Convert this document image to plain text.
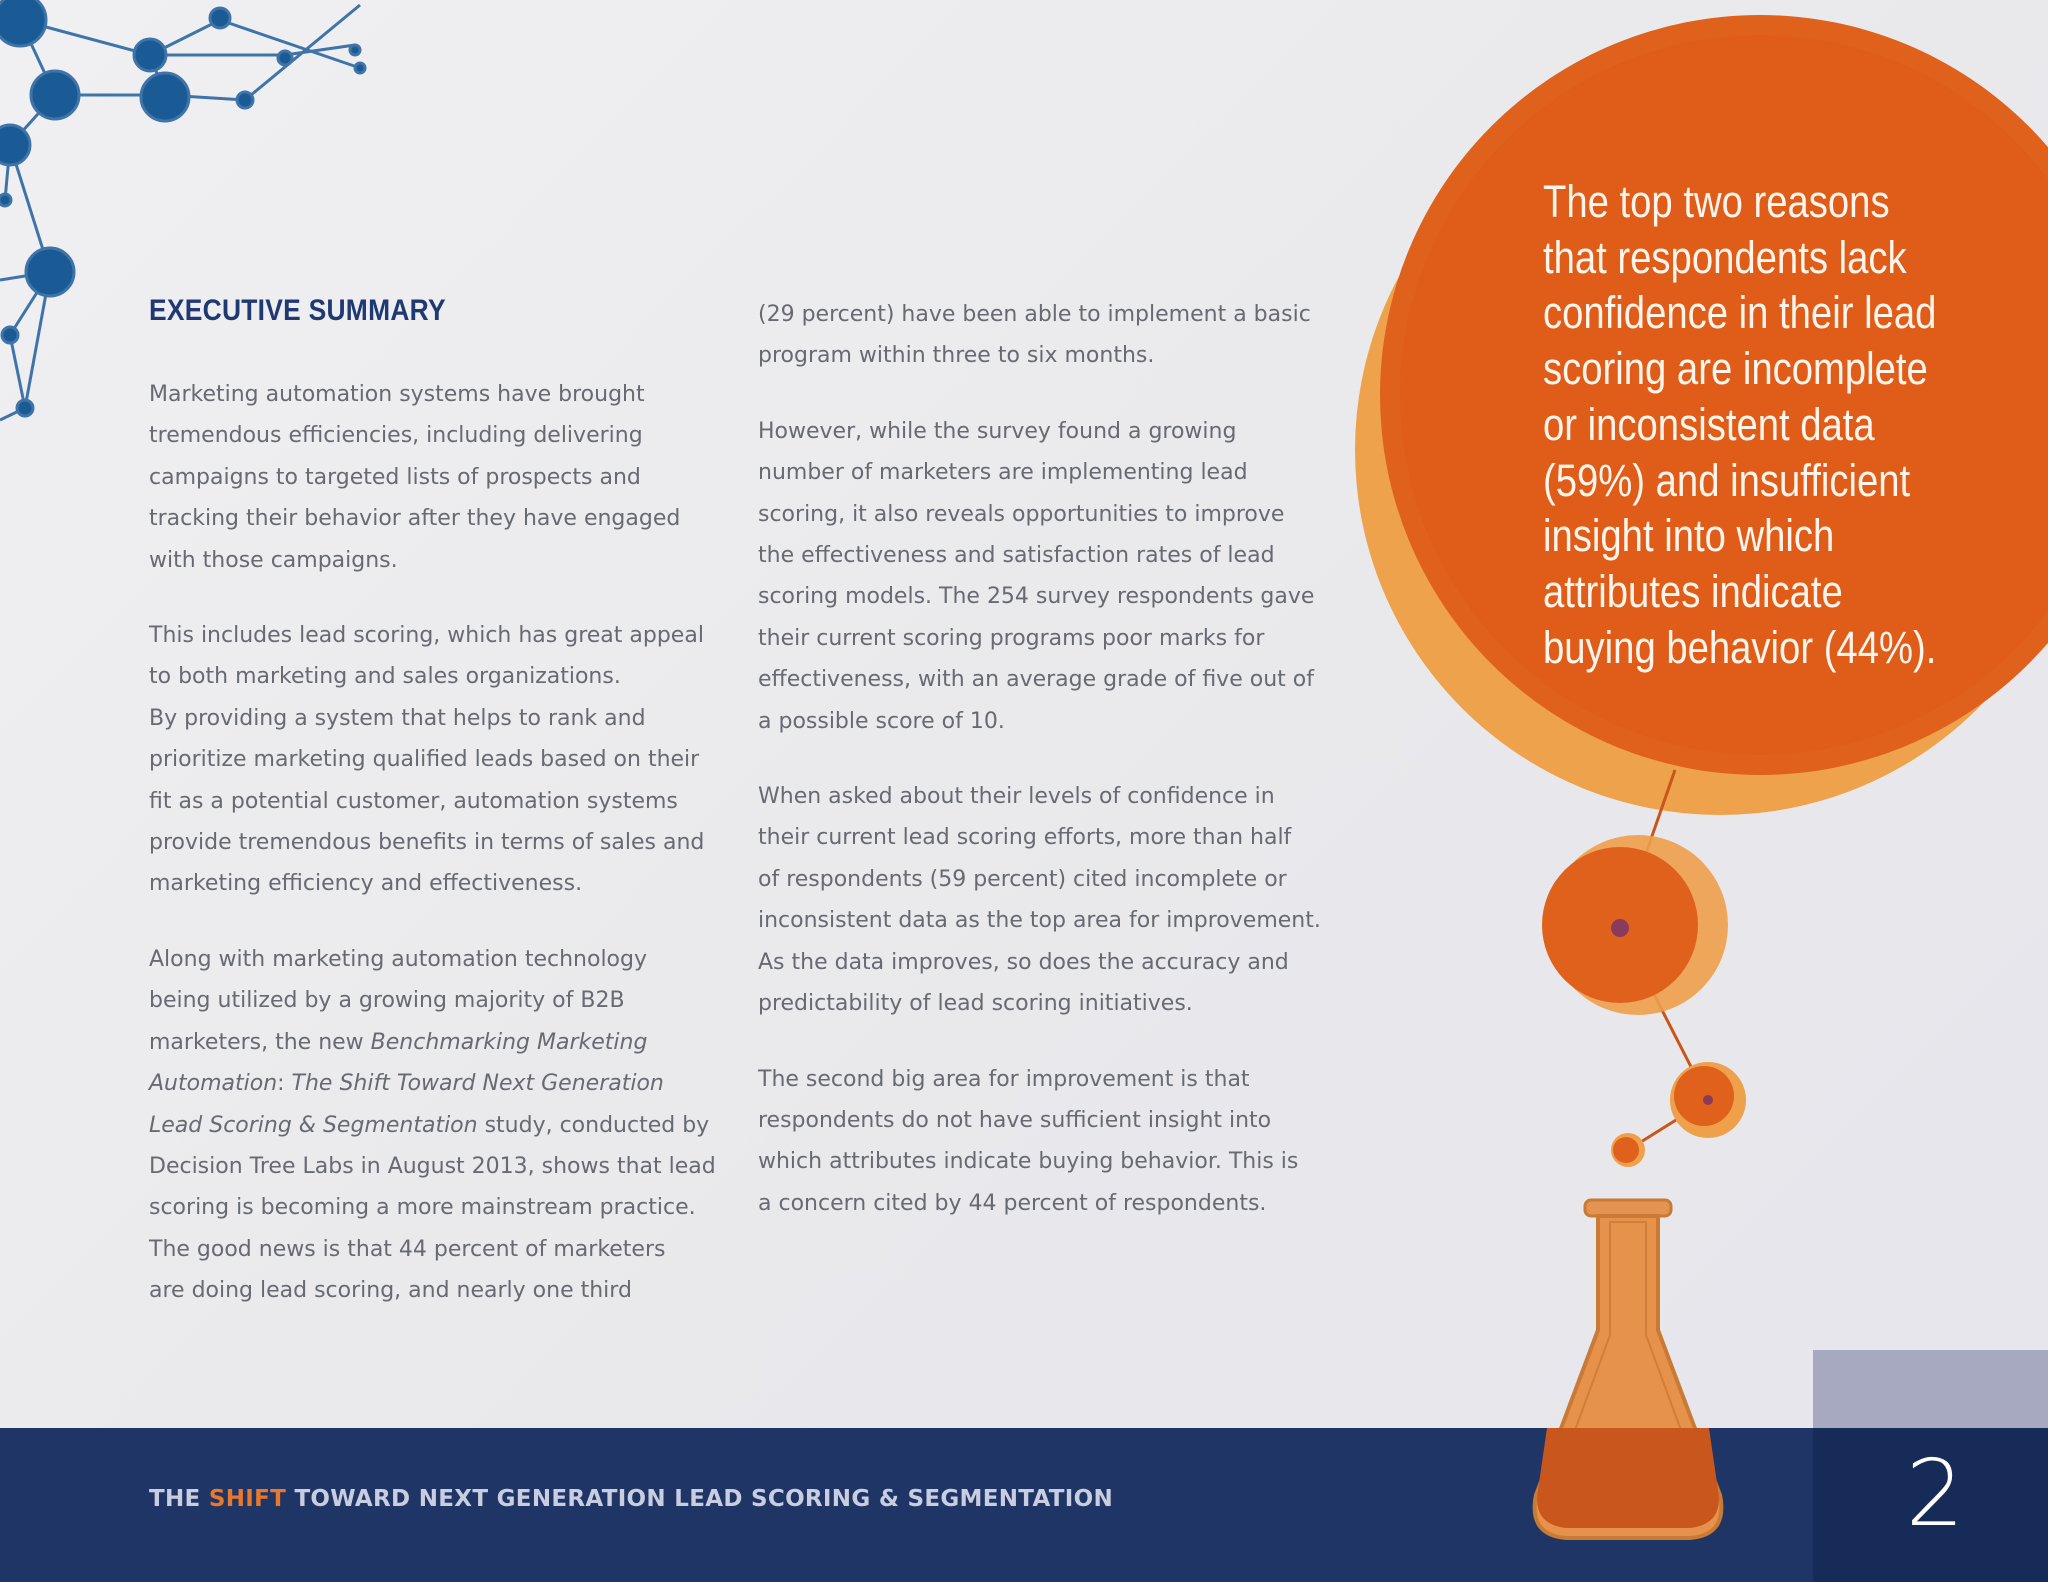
EXECUTIVE SUMMARY
Marketing automation systems have brought
tremendous efficiencies, including delivering
campaigns to targeted lists of prospects and
tracking their behavior after they have engaged
with those campaigns.
This includes lead scoring, which has great appeal
to both marketing and sales organizations.
By providing a system that helps to rank and
prioritize marketing qualified leads based on their
fit as a potential customer, automation systems
provide tremendous benefits in terms of sales and
marketing efficiency and effectiveness.
Along with marketing automation technology
being utilized by a growing majority of B2B
marketers, the new Benchmarking Marketing
Automation: The Shift Toward Next Generation
Lead Scoring & Segmentation study, conducted by
Decision Tree Labs in August 2013, shows that lead
scoring is becoming a more mainstream practice.
The good news is that 44 percent of marketers
are doing lead scoring, and nearly one third
(29 percent) have been able to implement a basic
program within three to six months.
However, while the survey found a growing
number of marketers are implementing lead
scoring, it also reveals opportunities to improve
the effectiveness and satisfaction rates of lead
scoring models. The 254 survey respondents gave
their current scoring programs poor marks for
effectiveness, with an average grade of five out of
a possible score of 10.
When asked about their levels of confidence in
their current lead scoring efforts, more than half
of respondents (59 percent) cited incomplete or
inconsistent data as the top area for improvement.
As the data improves, so does the accuracy and
predictability of lead scoring initiatives.
The second big area for improvement is that
respondents do not have sufficient insight into
which attributes indicate buying behavior. This is
a concern cited by 44 percent of respondents.
The top two reasons
that respondents lack
confidence in their lead
scoring are incomplete
or inconsistent data
(59%) and insufficient
insight into which
attributes indicate
buying behavior (44%).
THE SHIFT TOWARD NEXT GENERATION LEAD SCORING & SEGMENTATION	2
